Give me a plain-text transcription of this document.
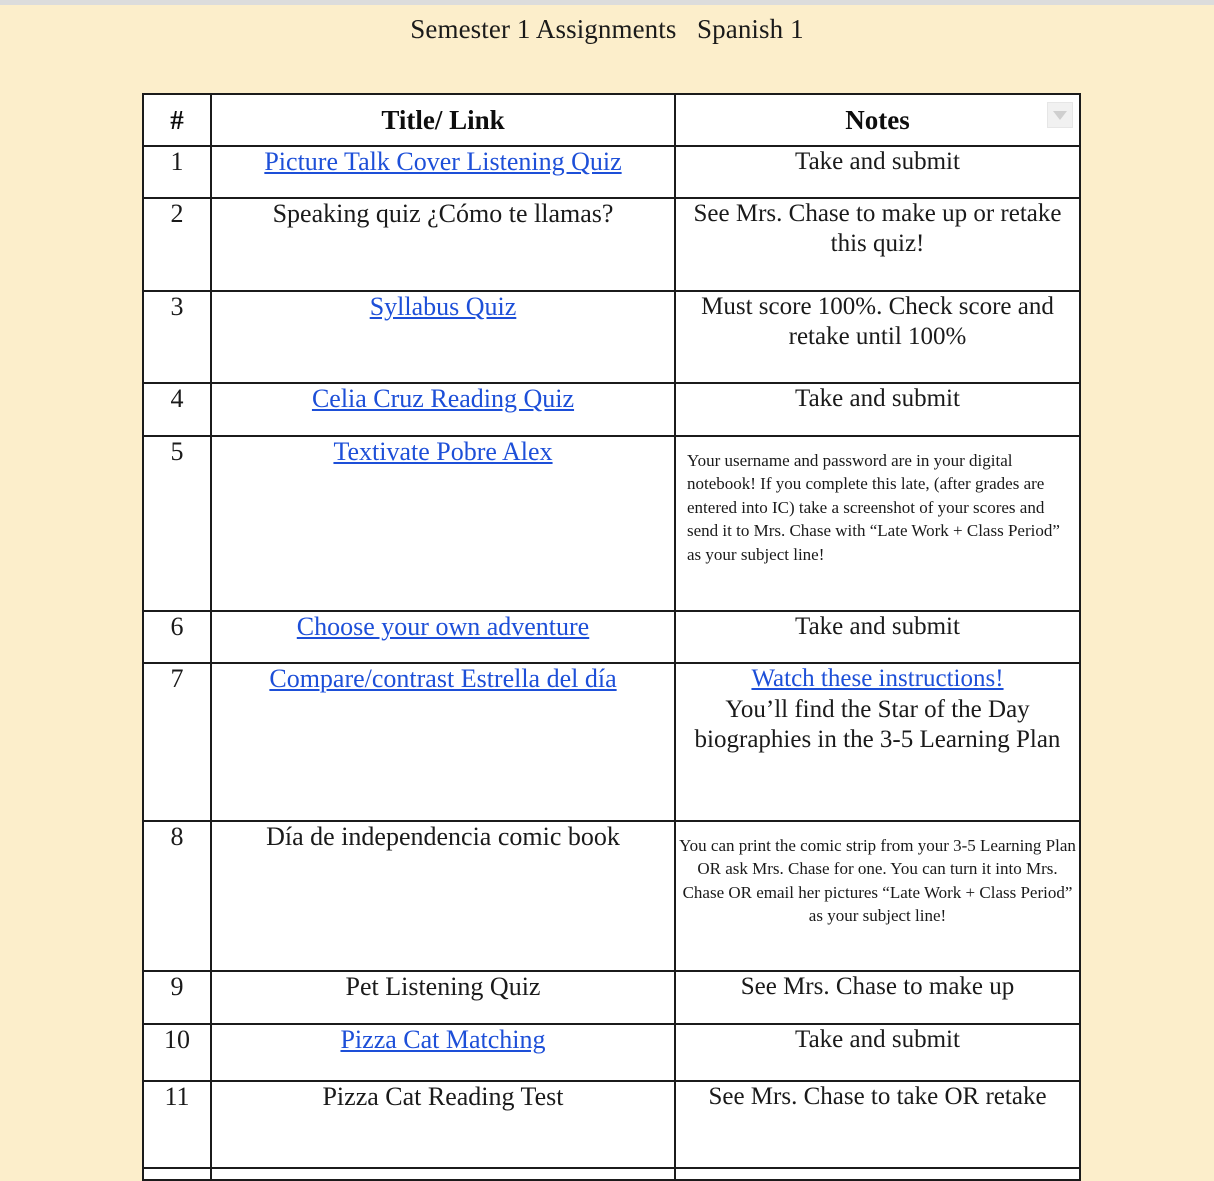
Semester 1 Assignments   Spanish 1
#	Title/ Link	Notes

1	Picture Talk Cover Listening Quiz	Take and submit

2	Speaking quiz ¿Cómo te llamas?	See Mrs. Chase to make up or retake this quiz!

3	Syllabus Quiz	Must score 100%. Check score and retake until 100%

4	Celia Cruz Reading Quiz	Take and submit

5	Textivate Pobre Alex	Your username and password are in your digital notebook! If you complete this late, (after grades are entered into IC) take a screenshot of your scores and send it to Mrs. Chase with “Late Work + Class Period” as your subject line!

6	Choose your own adventure	Take and submit

7	Compare/contrast Estrella del día	Watch these instructions!
You’ll find the Star of the Day biographies in the 3-5 Learning Plan

8	Día de independencia comic book	You can print the comic strip from your 3-5 Learning Plan OR ask Mrs. Chase for one. You can turn it into Mrs. Chase OR email her pictures “Late Work + Class Period” as your subject line!

9	Pet Listening Quiz	See Mrs. Chase to make up

10	Pizza Cat Matching	Take and submit

11	Pizza Cat Reading Test	See Mrs. Chase to take OR retake
